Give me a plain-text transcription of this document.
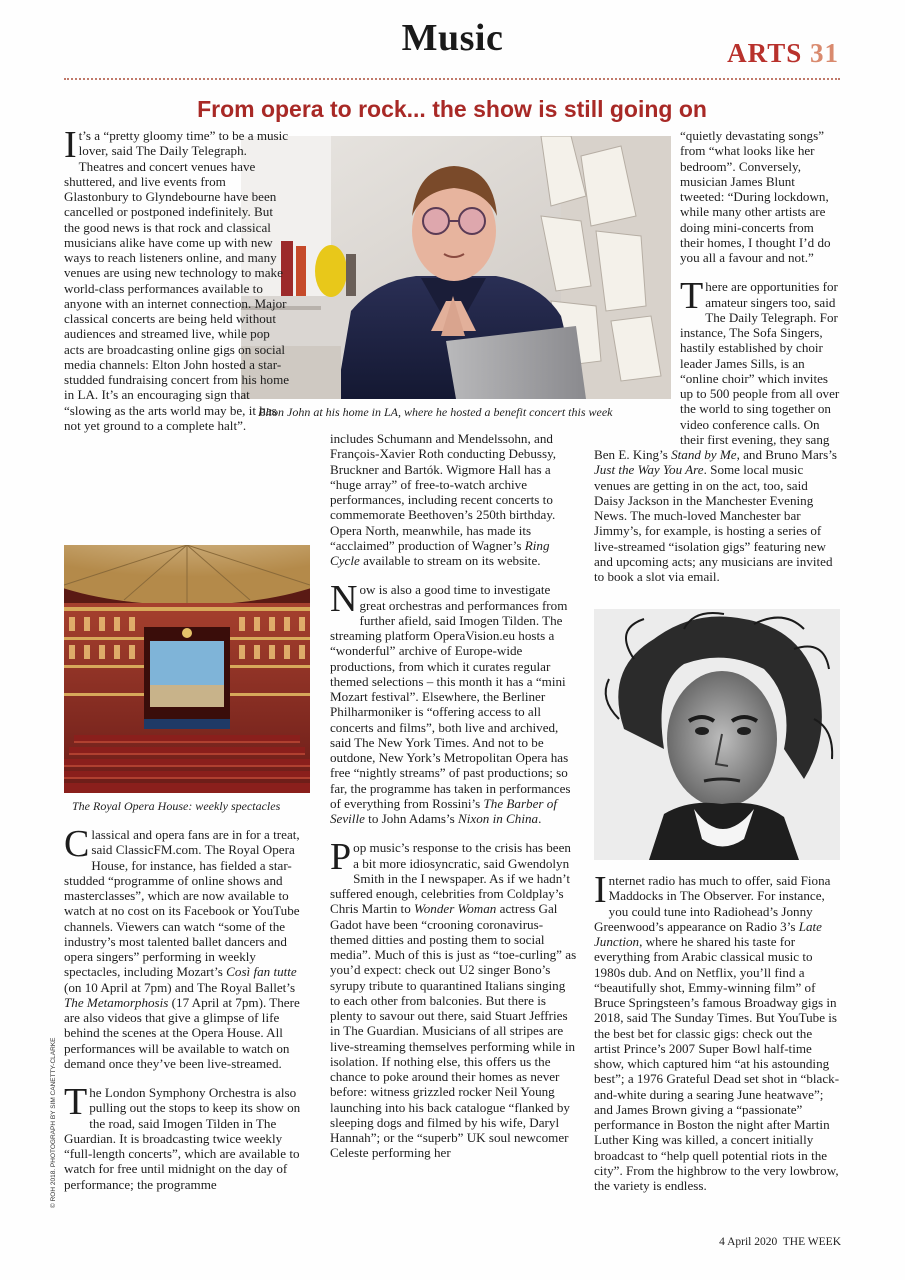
Music	ARTS 31
From opera to rock... the show is still going on
Elton John at his home in LA, where he hosted a benefit concert this week

It’s a “pretty gloomy time” to be a music lover, said The Daily Telegraph. Theatres and concert venues have shuttered, and live events from Glastonbury to Glyndebourne have been cancelled or postponed indefinitely. But the good news is that rock and classical musicians alike have come up with new ways to reach listeners online, and many venues are using new technology to make world-class performances available to anyone with an internet connection. Major classical concerts are being held without audiences and streamed live, while pop acts are broadcasting online gigs on social media channels: Elton John hosted a star-studded fundraising concert from his home in LA. It’s an encouraging sign that “slowing as the arts world may be, it has not yet ground to a complete halt”.

The Royal Opera House: weekly spectacles

Classical and opera fans are in for a treat, said ClassicFM.com. The Royal Opera House, for instance, has fielded a star-studded “programme of online shows and masterclasses”, which are now available to watch at no cost on its Facebook or YouTube channels. Viewers can watch “some of the industry’s most talented ballet dancers and opera singers” performing in weekly spectacles, including Mozart’s Così fan tutte (on 10 April at 7pm) and The Royal Ballet’s The Metamorphosis (17 April at 7pm). There are also videos that give a glimpse of life behind the scenes at the Opera House. All performances will be available to watch on demand once they’ve been live-streamed.

The London Symphony Orchestra is also pulling out the stops to keep its show on the road, said Imogen Tilden in The Guardian. It is broadcasting twice weekly “full-length concerts”, which are available to watch for free until midnight on the day of performance; the programme

includes Schumann and Mendelssohn, and François-Xavier Roth conducting Debussy, Bruckner and Bartók. Wigmore Hall has a “huge array” of free-to-watch archive performances, including recent concerts to commemorate Beethoven’s 250th birthday. Opera North, meanwhile, has made its “acclaimed” production of Wagner’s Ring Cycle available to stream on its website.

Now is also a good time to investigate great orchestras and performances from further afield, said Imogen Tilden. The streaming platform OperaVision.eu hosts a “wonderful” archive of Europe-wide productions, from which it curates regular themed selections – this month it has a “mini Mozart festival”. Elsewhere, the Berliner Philharmoniker is “offering access to all concerts and films”, both live and archived, said The New York Times. And not to be outdone, New York’s Metropolitan Opera has free “nightly streams” of past productions; so far, the programme has taken in performances of everything from Rossini’s The Barber of Seville to John Adams’s Nixon in China.

Pop music’s response to the crisis has been a bit more idiosyncratic, said Gwendolyn Smith in the I newspaper. As if we hadn’t suffered enough, celebrities from Coldplay’s Chris Martin to Wonder Woman actress Gal Gadot have been “crooning coronavirus-themed ditties and posting them to social media”. Much of this is just as “toe-curling” as you’d expect: check out U2 singer Bono’s syrupy tribute to quarantined Italians singing to each other from balconies. But there is plenty to savour out there, said Stuart Jeffries in The Guardian. Musicians of all stripes are live-streaming themselves performing while in isolation. If nothing else, this offers us the chance to poke around their homes as never before: witness grizzled rocker Neil Young launching into his back catalogue “flanked by sleeping dogs and filmed by his wife, Daryl Hannah”; or the “superb” UK soul newcomer Celeste performing her

“quietly devastating songs” from “what looks like her bedroom”. Conversely, musician James Blunt tweeted: “During lockdown, while many other artists are doing mini-concerts from their homes, I thought I’d do you all a favour and not.”

There are opportunities for amateur singers too, said The Daily Telegraph. For instance, The Sofa Singers, hastily established by choir leader James Sills, is an “online choir” which invites up to 500 people from all over the world to sing together on video conference calls. On their first evening, they sang Ben E. King’s Stand by Me, and Bruno Mars’s Just the Way You Are. Some local music venues are getting in on the act, too, said Daisy Jackson in the Manchester Evening News. The much-loved Manchester bar Jimmy’s, for example, is hosting a series of live-streamed “isolation gigs” featuring new and upcoming acts; any musicians are invited to book a slot via email.

Internet radio has much to offer, said Fiona Maddocks in The Observer. For instance, you could tune into Radiohead’s Jonny Greenwood’s appearance on Radio 3’s Late Junction, where he shared his taste for everything from Arabic classical music to 1980s dub. And on Netflix, you’ll find a “beautifully shot, Emmy-winning film” of Bruce Springsteen’s famous Broadway gigs in 2018, said The Sunday Times. But YouTube is the best bet for classic gigs: check out the artist Prince’s 2007 Super Bowl half-time show, which captured him “at his astounding best”; a 1976 Grateful Dead set shot in “black-and-white during a searing June heatwave”; and James Brown giving a “passionate” performance in Boston the night after Martin Luther King was killed, a concert initially broadcast to “help quell potential riots in the city”. From the highbrow to the very lowbrow, the variety is endless.

© ROH 2018. PHOTOGRAPH BY SIM CANETTY-CLARKE
4 April 2020 THE WEEK
